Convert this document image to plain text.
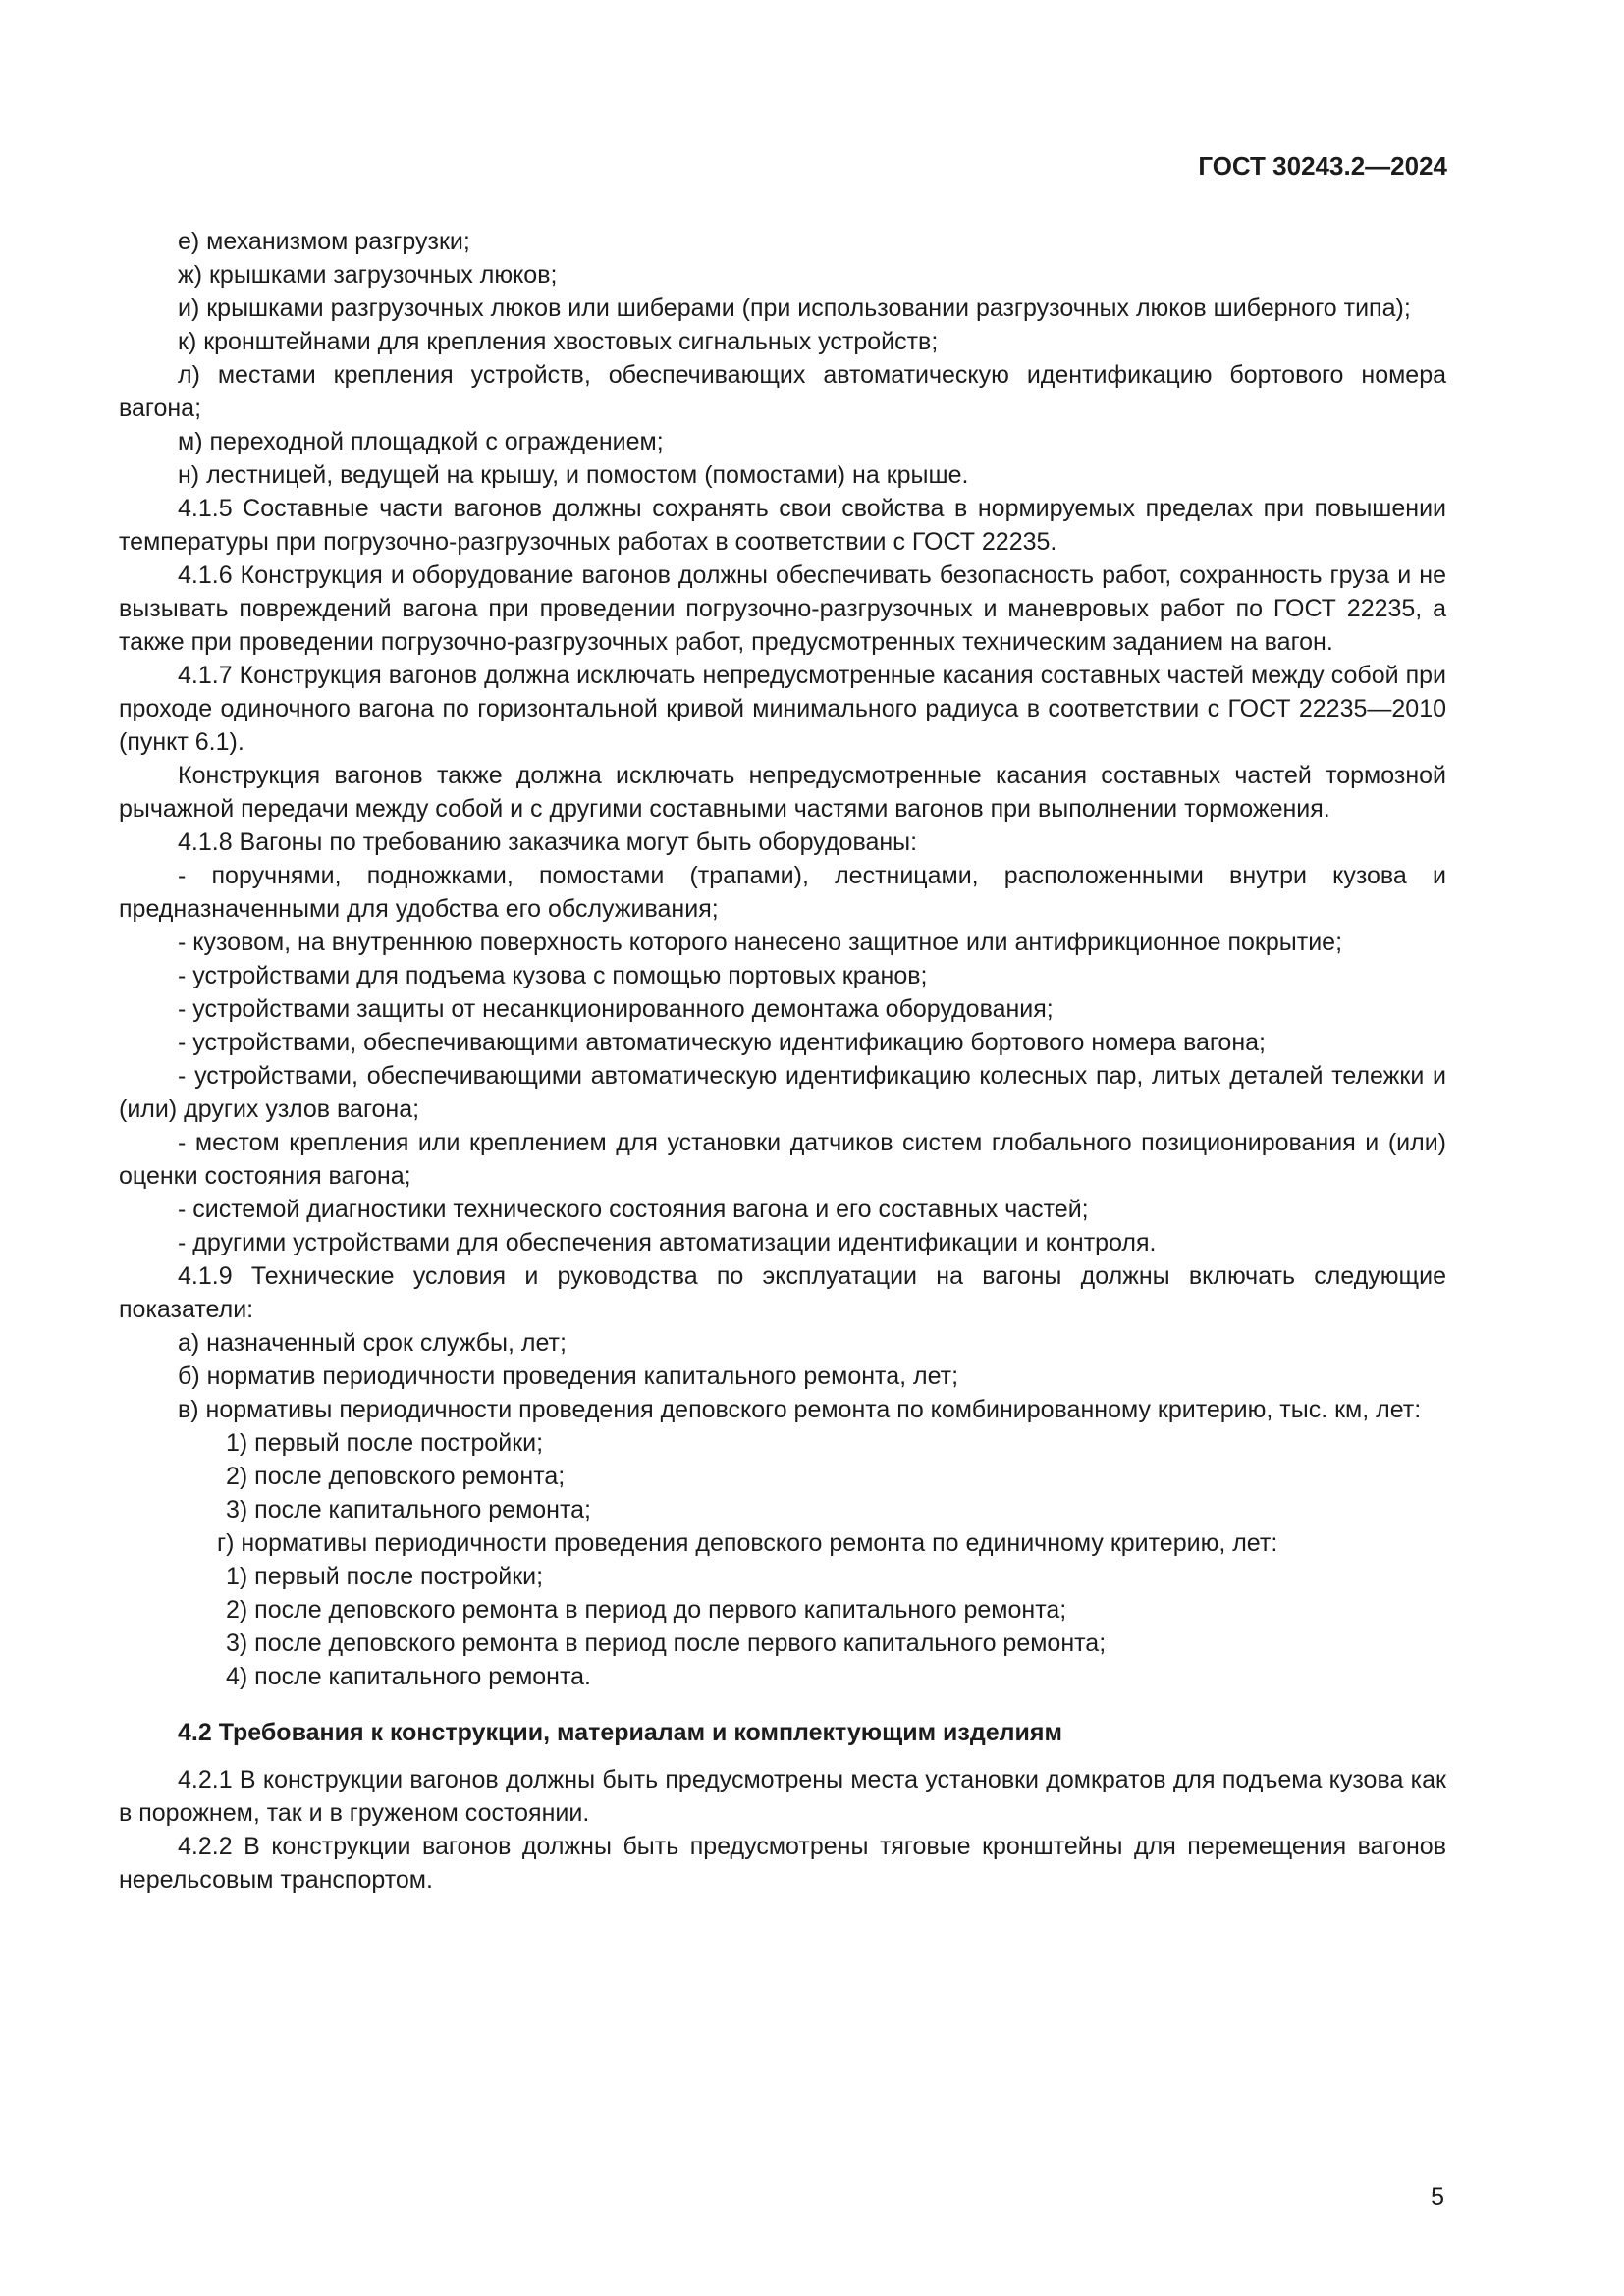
ГОСТ 30243.2—2024

е) механизмом разгрузки;

ж) крышками загрузочных люков;

и) крышками разгрузочных люков или шиберами (при использовании разгрузочных люков шиберного типа);

к) кронштейнами для крепления хвостовых сигнальных устройств;

л) местами крепления устройств, обеспечивающих автоматическую идентификацию бортового номера вагона;

м) переходной площадкой с ограждением;

н) лестницей, ведущей на крышу, и помостом (помостами) на крыше.

4.1.5 Составные части вагонов должны сохранять свои свойства в нормируемых пределах при повышении температуры при погрузочно-разгрузочных работах в соответствии с ГОСТ 22235.

4.1.6 Конструкция и оборудование вагонов должны обеспечивать безопасность работ, сохранность груза и не вызывать повреждений вагона при проведении погрузочно-разгрузочных и маневровых работ по ГОСТ 22235, а также при проведении погрузочно-разгрузочных работ, предусмотренных техническим заданием на вагон.

4.1.7 Конструкция вагонов должна исключать непредусмотренные касания составных частей между собой при проходе одиночного вагона по горизонтальной кривой минимального радиуса в соответствии с ГОСТ 22235—2010 (пункт 6.1).

Конструкция вагонов также должна исключать непредусмотренные касания составных частей тормозной рычажной передачи между собой и с другими составными частями вагонов при выполнении торможения.

4.1.8 Вагоны по требованию заказчика могут быть оборудованы:

- поручнями, подножками, помостами (трапами), лестницами, расположенными внутри кузова и предназначенными для удобства его обслуживания;

- кузовом, на внутреннюю поверхность которого нанесено защитное или антифрикционное покрытие;

- устройствами для подъема кузова с помощью портовых кранов;

- устройствами защиты от несанкционированного демонтажа оборудования;

- устройствами, обеспечивающими автоматическую идентификацию бортового номера вагона;

- устройствами, обеспечивающими автоматическую идентификацию колесных пар, литых деталей тележки и (или) других узлов вагона;

- местом крепления или креплением для установки датчиков систем глобального позиционирования и (или) оценки состояния вагона;

- системой диагностики технического состояния вагона и его составных частей;

- другими устройствами для обеспечения автоматизации идентификации и контроля.

4.1.9 Технические условия и руководства по эксплуатации на вагоны должны включать следующие показатели:

а) назначенный срок службы, лет;

б) норматив периодичности проведения капитального ремонта, лет;

в) нормативы периодичности проведения деповского ремонта по комбинированному критерию, тыс. км, лет:

1) первый после постройки;

2) после деповского ремонта;

3) после капитального ремонта;

г) нормативы периодичности проведения деповского ремонта по единичному критерию, лет:

1) первый после постройки;

2) после деповского ремонта в период до первого капитального ремонта;

3) после деповского ремонта в период после первого капитального ремонта;

4) после капитального ремонта.

4.2 Требования к конструкции, материалам и комплектующим изделиям

4.2.1 В конструкции вагонов должны быть предусмотрены места установки домкратов для подъема кузова как в порожнем, так и в груженом состоянии.

4.2.2 В конструкции вагонов должны быть предусмотрены тяговые кронштейны для перемещения вагонов нерельсовым транспортом.

5
